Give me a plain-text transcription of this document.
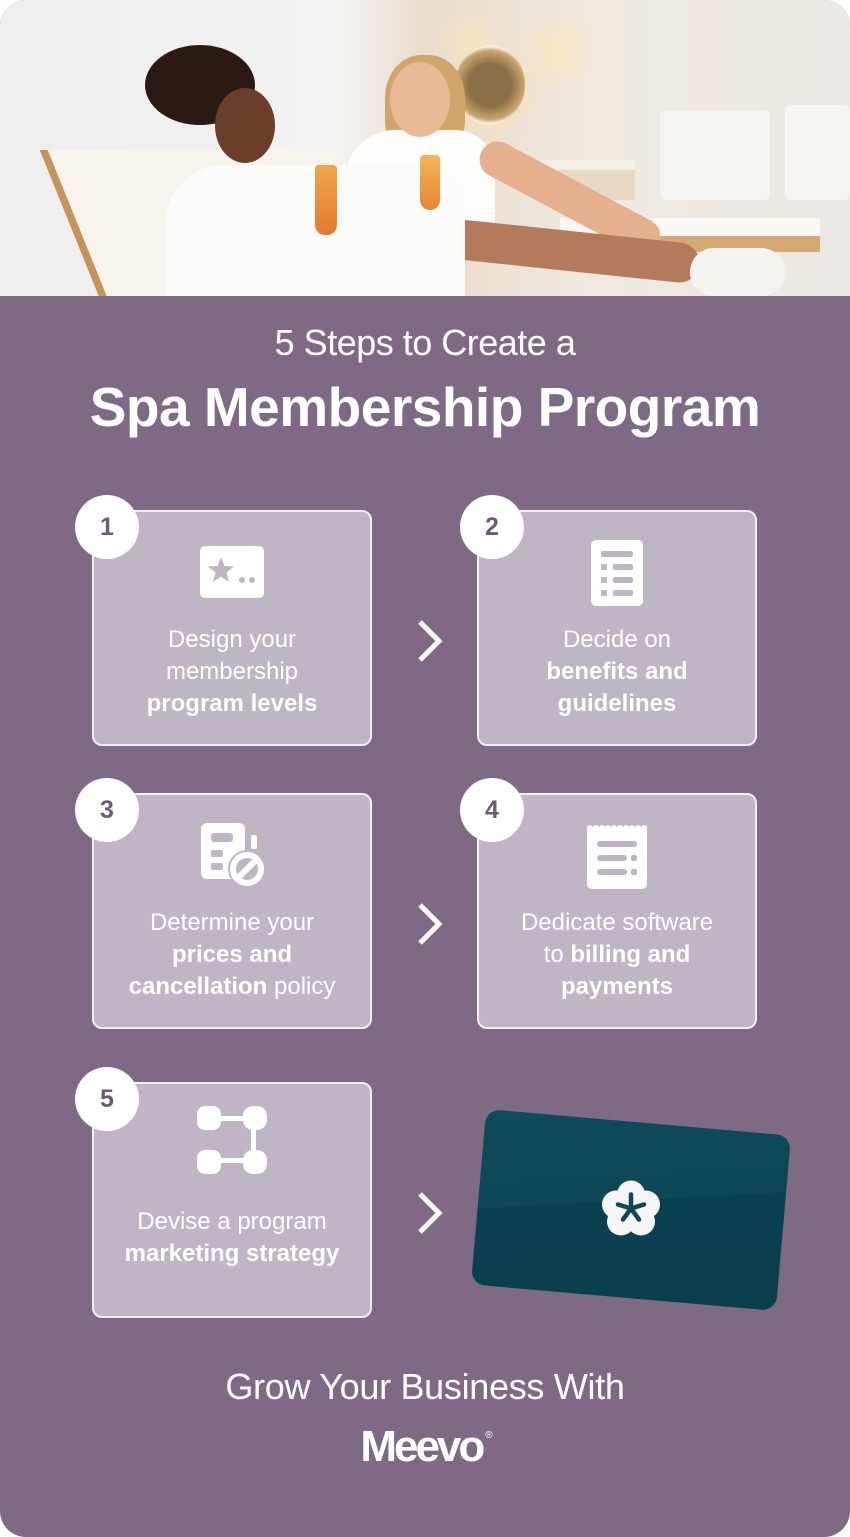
5 Steps to Create a
Spa Membership Program
Design your
membership
program levels
1
Decide on
benefits and
guidelines
2
Determine your
prices and
cancellation policy
3
Dedicate software
to billing and
payments
4
Devise a program
marketing strategy
5
Grow Your Business With
Meevo ®
